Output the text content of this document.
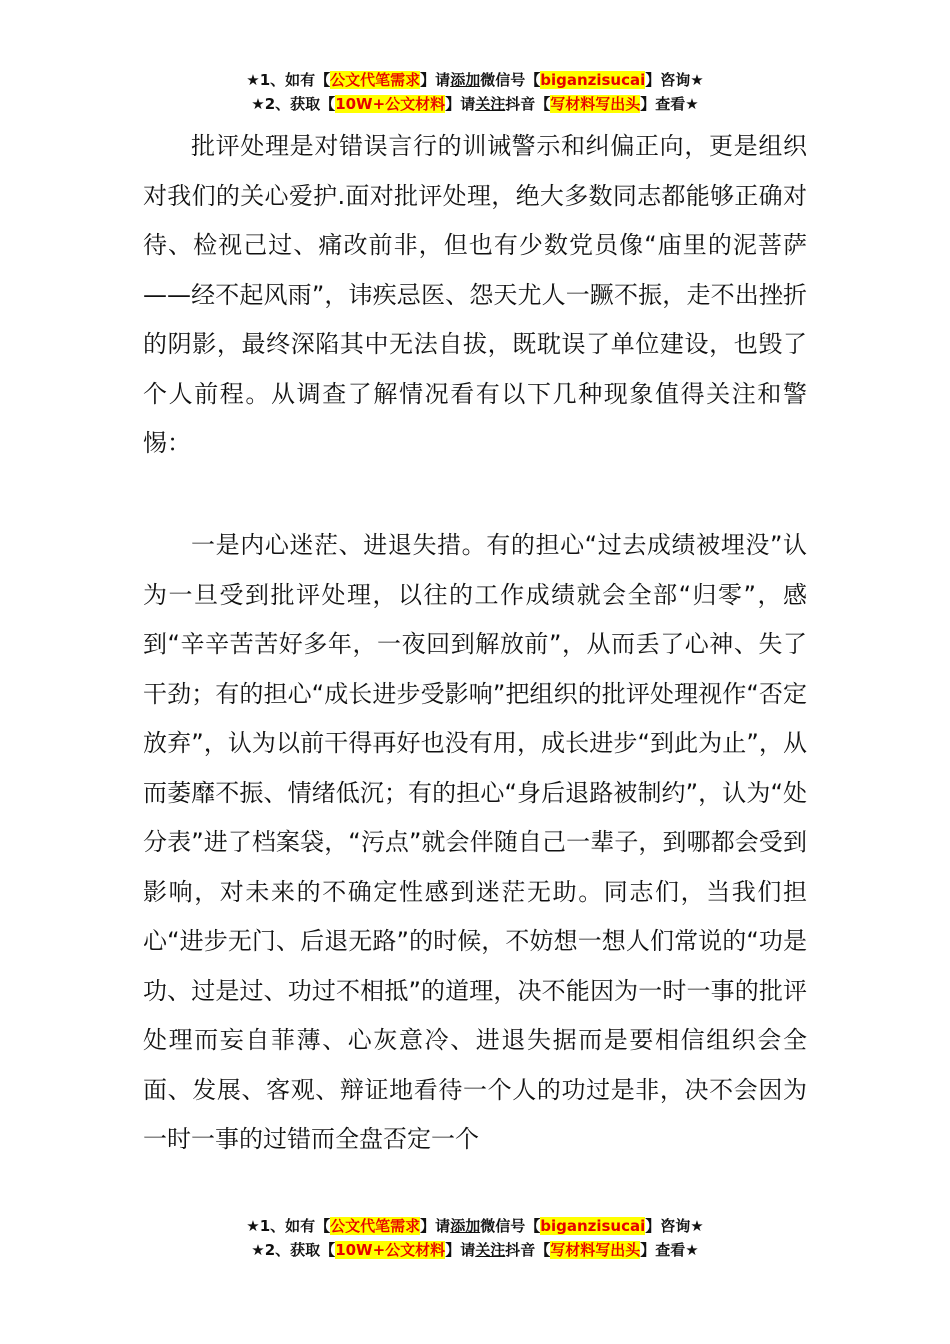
★1、如有【公文代笔需求】请添加微信号【biganzisucai】咨询★
★2、获取【10W+公文材料】请关注抖音【写材料写出头】查看★

批评处理是对错误言行的训诫警示和纠偏正向，更是组织对我们的关心爱护.面对批评处理，绝大多数同志都能够正确对待、检视己过、痛改前非，但也有少数党员像“庙里的泥菩萨——经不起风雨”，讳疾忌医、怨天尤人一蹶不振，走不出挫折的阴影，最终深陷其中无法自拔，既耽误了单位建设，也毁了个人前程。从调查了解情况看有以下几种现象值得关注和警惕：

一是内心迷茫、进退失措。有的担心“过去成绩被埋没”认为一旦受到批评处理，以往的工作成绩就会全部“归零”，感到“辛辛苦苦好多年，一夜回到解放前”，从而丢了心神、失了干劲；有的担心“成长进步受影响”把组织的批评处理视作“否定放弃”，认为以前干得再好也没有用，成长进步“到此为止”，从而萎靡不振、情绪低沉；有的担心“身后退路被制约”，认为“处分表”进了档案袋，“污点”就会伴随自己一辈子，到哪都会受到影响，对未来的不确定性感到迷茫无助。同志们，当我们担心“进步无门、后退无路”的时候，不妨想一想人们常说的“功是功、过是过、功过不相抵”的道理，决不能因为一时一事的批评处理而妄自菲薄、心灰意冷、进退失据而是要相信组织会全面、发展、客观、辩证地看待一个人的功过是非，决不会因为一时一事的过错而全盘否定一个

★1、如有【公文代笔需求】请添加微信号【biganzisucai】咨询★
★2、获取【10W+公文材料】请关注抖音【写材料写出头】查看★
